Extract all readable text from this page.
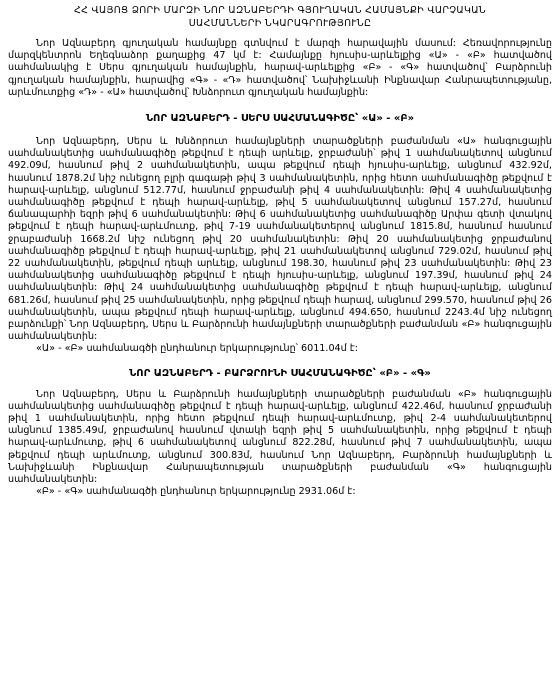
ՀՀ ՎԱՅՈՑ ՁՈՐԻ ՄԱՐԶԻ ՆՈՐ ԱԶՆԱԲԵՐԴԻ ԳՅՈՒՂԱԿԱՆ ՀԱՄԱՅՆՔԻ ՎԱՐՉԱԿԱՆ
ՍԱՀՄԱՆՆԵՐԻ ՆԿԱՐԱԳՐՈՒԹՅՈՒՆԸ

Նոր Ազնաբերդ գյուղական համայնքը գտնվում է մարզի հարավային մասում: Հեռավորությունը մարզկենտրոն Եղեգնաձոր քաղաքից 47 կմ է: Համայնքը հյուսիս-արևելքից «Ա» - «Բ» հատվածով սահմանակից է Սերս գյուղական համայնքին, հարավ-արևելքից «Բ» - «Գ» հատվածով՝ Բարձրունի գյուղական համայնքին, հարավից «Գ» - «Դ» հատվածով՝ Նախիջևանի Ինքնավար Հանրապետությանը, արևմուտքից «Դ» - «Ա» հատվածով՝ Խնձորուտ գյուղական համայնքին:

ՆՈՐ ԱԶՆԱԲԵՐԴ - ՍԵՐՍ ՍԱՀՄԱՆԱԳԻԾԸ՝ «Ա» - «Բ»

Նոր Ազնաբերդ, Սերս և Խնձորուտ համայնքների տարածքների բաժանման «Ա» հանգուցային սահմանակետից սահմանագիծը թեքվում է դեպի արևելք, ջրբաժանի՝ թիվ 1 սահմանակետով անցնում 492.09մ, հասնում թիվ 2 սահմանակետին, ապա թեքվում դեպի հյուսիս-արևելք, անցնում 432.92մ, հասնում 1878.2մ նիշ ունեցող բլրի գագաթի թիվ 3 սահմանակետին, որից հետո սահմանագիծը թեքվում է հարավ-արևելք, անցնում 512.77մ, հասնում ջրբաժանի թիվ 4 սահմանակետին: Թիվ 4 սահմանակետից սահմանագիծը թեքվում է դեպի հարավ-արևելք, թիվ 5 սահմանակետով անցնում 157.27մ, հասնում ճանապարհի եզրի թիվ 6 սահմանակետին: Թիվ 6 սահմանակետից սահմանագիծը Արփա գետի վտակով թեքվում է դեպի հարավ-արևմուտք, թիվ 7-19 սահմանակետերով անցնում 1815.8մ, հասնում հասնում ջրաբաժանի 1668.2մ նիշ ունեցող թիվ 20 սահմանակետին: Թիվ 20 սահմանակետից ջրբաժանով սահմանագիծը թեքվում է դեպի հարավ-արևելք, թիվ 21 սահմանակետով անցնում 729.02մ, հասնում թիվ 22 սահմանակետին, թեքվում դեպի արևելք, անցնում 198.30, հասնում թիվ 23 սահմանակետին: Թիվ 23 սահմանակետից սահմանագիծը թեքվում է դեպի հյուսիս-արևելք, անցնում 197.39մ, հասնում թիվ 24 սահմանակետին: Թիվ 24 սահմանակետից սահմանագիծը թեքվում է դեպի հարավ-արևելք, անցնում 681.26մ, հասնում թիվ 25 սահմանակետին, որից թեքվում դեպի հարավ, անցնում 299.570, հասնում թիվ 26 սահմանակետին, ապա թեքվում դեպի հարավ-արևելք, անցնում 494.650, հասնում 2243.4մ նիշ ունեցող բարձունքի՝ Նոր Ազնաբերդ, Սերս և Բարձրունի համայնքների տարածքների բաժանման «Բ» հանգուցային սահմանակետին:

«Ա» - «Բ» սահմանագծի ընդհանուր երկարությունը՝ 6011.04մ է:

ՆՈՐ ԱԶՆԱԲԵՐԴ - ԲԱՐՁՐՈՒՆԻ ՍԱՀՄԱՆԱԳԻԾԸ՝ «Բ» - «Գ»

Նոր Ազնաբերդ, Սերս և Բարձրունի համայնքների տարածքների բաժանման «Բ» հանգուցային սահմանակետից սահմանագիծը թեքվում է դեպի հարավ-արևելք, անցնում 422.46մ, հասնում ջրբաժանի թիվ 1 սահմանակետին, որից հետո թեքվում դեպի հարավ-արևմուտք, թիվ 2-4 սահմանակետերով անցնում 1385.49մ, ջրբաժանով հասնում վտակի եզրի թիվ 5 սահմանակետին, որից թեքվում է դեպի հարավ-արևմուտք, թիվ 6 սահմանակետով անցնում 822.28մ, հասնում թիվ 7 սահմանակետին, ապա թեքվում դեպի արևմուտք, անցնում 300.83մ, հասնում Նոր Ազնաբերդ, Բարձրունի համայնքների և Նախիջևանի Ինքնավար Հանրապետության տարածքների բաժանման «Գ» հանգուցային սահմանակետին:

«Բ» - «Գ» սահմանագծի ընդհանուր երկարությունը 2931.06մ է:
